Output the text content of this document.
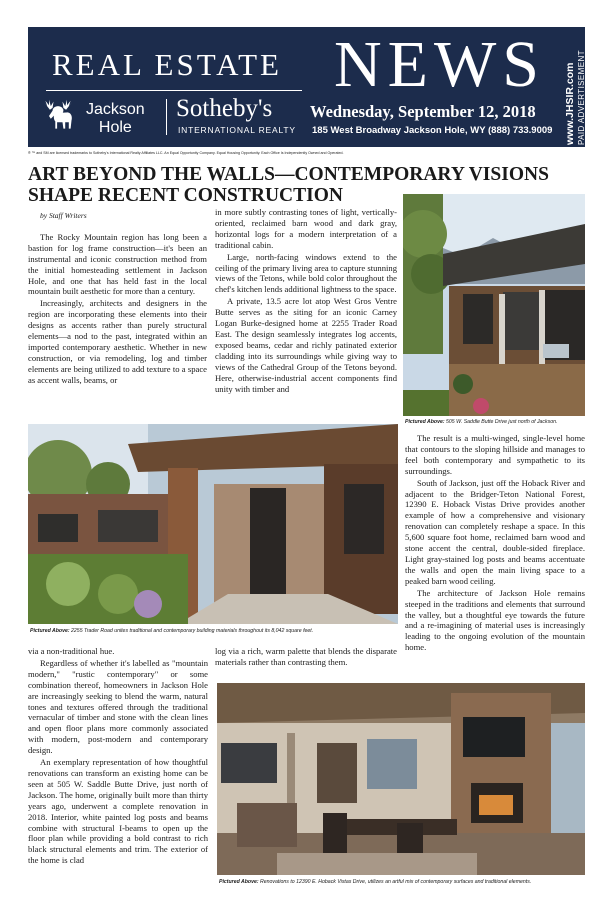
REAL ESTATE NEWS
Jackson
Hole
Sotheby's
INTERNATIONAL REALTY
Wednesday, September 12, 2018
185 West Broadway Jackson Hole, WY (888) 733.9009 www.JHSIR.com PAID ADVERTISEMENT
® ™ and SM are licensed trademarks to Sotheby's International Realty Affiliates LLC. An Equal Opportunity Company. Equal Housing Opportunity. Each Office Is Independently Owned and Operated.
ART BEYOND THE WALLS—CONTEMPORARY VISIONS
SHAPE RECENT CONSTRUCTION
by Staff Writers

The Rocky Mountain region has long been a bastion for log frame construction—it's been an instrumental and iconic construction method from the initial homesteading settlement in Jackson Hole, and one that has held fast in the local mountain built aesthetic for more than a century.

Increasingly, architects and designers in the region are incorporating these elements into their designs as accents rather than purely structural elements—a nod to the past, integrated within an imported contemporary aesthetic. Whether in new construction, or via remodeling, log and timber elements are being utilized to add texture to a space as accent walls, beams, or

in more subtly contrasting tones of light, vertically-oriented, reclaimed barn wood and dark gray, horizontal logs for a modern interpretation of a traditional cabin.

Large, north-facing windows extend to the ceiling of the primary living area to capture stunning views of the Tetons, while bold color throughout the chef's kitchen lends additional lightness to the space.

A private, 13.5 acre lot atop West Gros Ventre Butte serves as the siting for an iconic Carney Logan Burke-designed home at 2255 Trader Road East. The design seamlessly integrates log accents, exposed beams, cedar and richly patinated exterior cladding into its surroundings while giving way to views of the Cathedral Group of the Tetons beyond. Here, otherwise-industrial accent components find unity with timber and

Pictured Above: 505 W. Saddle Butte Drive just north of Jackson.

The result is a multi-winged, single-level home that contours to the sloping hillside and manages to feel both contemporary and sympathetic to its surroundings.

South of Jackson, just off the Hoback River and adjacent to the Bridger-Teton National Forest, 12390 E. Hoback Vistas Drive provides another example of how a comprehensive and visionary renovation can completely reshape a space. In this 5,600 square foot home, reclaimed barn wood and stone accent the central, double-sided fireplace. Light gray-stained log posts and beams accentuate the walls and open the main living space to a peaked barn wood ceiling.

The architecture of Jackson Hole remains steeped in the traditions and elements that surround the valley, but a thoughtful eye towards the future and a re-imagining of material uses is increasingly leading to the ongoing evolution of the mountain home.

Pictured Above: 2255 Trader Road unites traditional and contemporary building materials throughout its 8,042 square feet.

via a non-traditional hue.

Regardless of whether it's labelled as "mountain modern," "rustic contemporary" or some combination thereof, homeowners in Jackson Hole are increasingly seeking to blend the warm, natural tones and textures offered through the traditional vernacular of timber and stone with the clean lines and open floor plans more commonly associated with modern, post-modern and contemporary design.

An exemplary representation of how thoughtful renovations can transform an existing home can be seen at 505 W. Saddle Butte Drive, just north of Jackson. The home, originally built more than thirty years ago, underwent a complete renovation in 2018. Interior, white painted log posts and beams combine with structural I-beams to open up the floor plan while providing a bold contrast to rich black structural elements and trim. The exterior of the home is clad

log via a rich, warm palette that blends the disparate materials rather than contrasting them.

Pictured Above: Renovations to 12390 E. Hoback Vistas Drive, utilizes an artful mix of contemporary surfaces and traditional elements.
